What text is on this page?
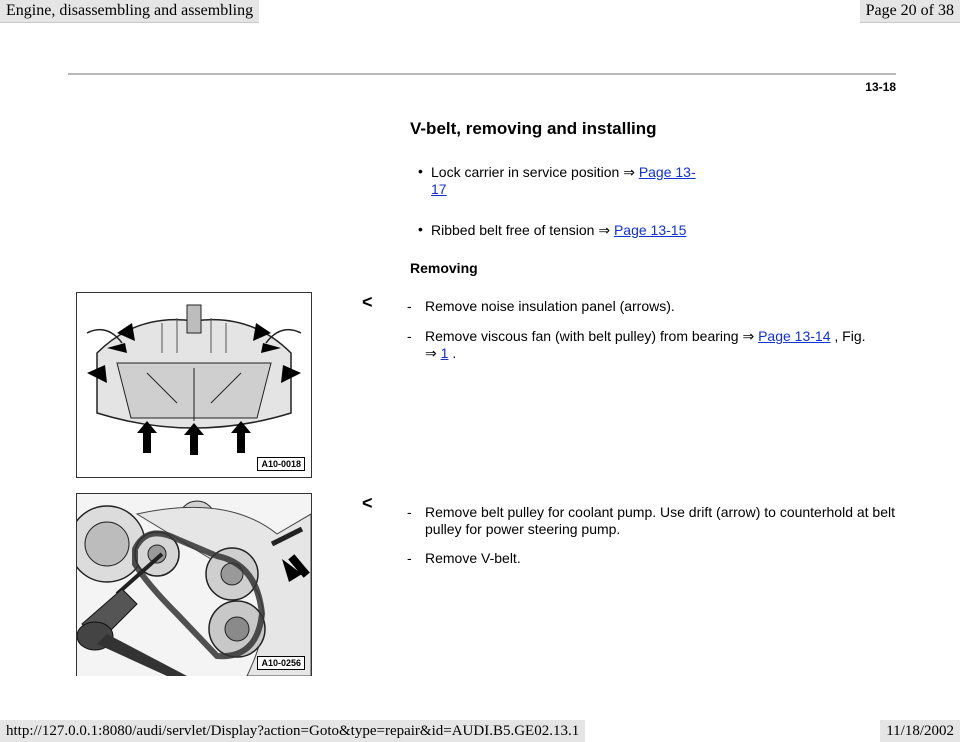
Engine, disassembling and assembling	Page 20 of 38
13-18
V-belt, removing and installing
• Lock carrier in service position ⇒ Page 13-
17
• Ribbed belt free of tension ⇒ Page 13-15
Removing
A10-0018
< - Remove noise insulation panel (arrows).
- Remove viscous fan (with belt pulley) from bearing ⇒ Page 13-14 , Fig.
⇒ 1 .
A10-0256
< - Remove belt pulley for coolant pump. Use drift (arrow) to counterhold at belt pulley for power steering pump.
- Remove V-belt.
http://127.0.0.1:8080/audi/servlet/Display?action=Goto&type=repair&id=AUDI.B5.GE02.13.1	11/18/2002
